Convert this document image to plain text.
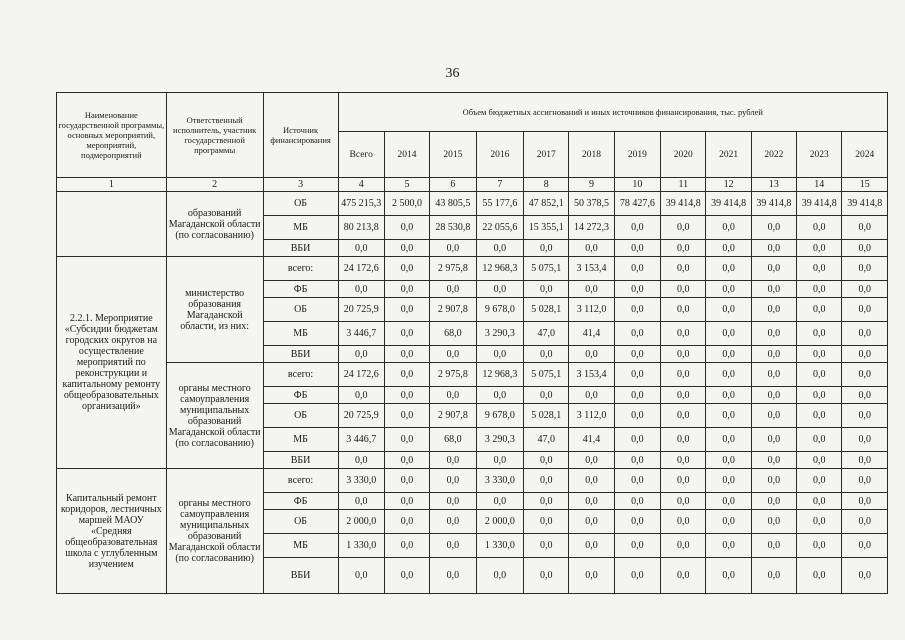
36
Наименование государственной программы, основных мероприятий, мероприятий, подмероприятий	Ответственный исполнитель, участник государственной программы	Источник финансирования	Объем бюджетных ассигнований и иных источников финансирования, тыс. рублей											
			Всего	2014	2015	2016	2017	2018	2019	2020	2021	2022	2023	2024
1	2	3	4	5	6	7	8	9	10	11	12	13	14	15
	образований Магаданской области (по согласованию)	ОБ	475 215,3	2 500,0	43 805,5	55 177,6	47 852,1	50 378,5	78 427,6	39 414,8	39 414,8	39 414,8	39 414,8	39 414,8
		МБ	80 213,8	0,0	28 530,8	22 055,6	15 355,1	14 272,3	0,0	0,0	0,0	0,0	0,0	0,0
		ВБИ	0,0	0,0	0,0	0,0	0,0	0,0	0,0	0,0	0,0	0,0	0,0	0,0
2.2.1. Мероприятие «Субсидии бюджетам городских округов на осуществление мероприятий по реконструкции и капитальному ремонту общеобразовательных организаций»	министерство образования Магаданской области, из них:	всего:	24 172,6	0,0	2 975,8	12 968,3	5 075,1	3 153,4	0,0	0,0	0,0	0,0	0,0	0,0
		ФБ	0,0	0,0	0,0	0,0	0,0	0,0	0,0	0,0	0,0	0,0	0,0	0,0
		ОБ	20 725,9	0,0	2 907,8	9 678,0	5 028,1	3 112,0	0,0	0,0	0,0	0,0	0,0	0,0
		МБ	3 446,7	0,0	68,0	3 290,3	47,0	41,4	0,0	0,0	0,0	0,0	0,0	0,0
		ВБИ	0,0	0,0	0,0	0,0	0,0	0,0	0,0	0,0	0,0	0,0	0,0	0,0
	органы местного самоуправления муниципальных образований Магаданской области (по согласованию)	всего:	24 172,6	0,0	2 975,8	12 968,3	5 075,1	3 153,4	0,0	0,0	0,0	0,0	0,0	0,0
		ФБ	0,0	0,0	0,0	0,0	0,0	0,0	0,0	0,0	0,0	0,0	0,0	0,0
		ОБ	20 725,9	0,0	2 907,8	9 678,0	5 028,1	3 112,0	0,0	0,0	0,0	0,0	0,0	0,0
		МБ	3 446,7	0,0	68,0	3 290,3	47,0	41,4	0,0	0,0	0,0	0,0	0,0	0,0
		ВБИ	0,0	0,0	0,0	0,0	0,0	0,0	0,0	0,0	0,0	0,0	0,0	0,0
Капитальный ремонт коридоров, лестничных маршей МАОУ «Средняя общеобразовательная школа с углубленным изучением	органы местного самоуправления муниципальных образований Магаданской области (по согласованию)	всего:	3 330,0	0,0	0,0	3 330,0	0,0	0,0	0,0	0,0	0,0	0,0	0,0	0,0
		ФБ	0,0	0,0	0,0	0,0	0,0	0,0	0,0	0,0	0,0	0,0	0,0	0,0
		ОБ	2 000,0	0,0	0,0	2 000,0	0,0	0,0	0,0	0,0	0,0	0,0	0,0	0,0
		МБ	1 330,0	0,0	0,0	1 330,0	0,0	0,0	0,0	0,0	0,0	0,0	0,0	0,0
		ВБИ	0,0	0,0	0,0	0,0	0,0	0,0	0,0	0,0	0,0	0,0	0,0	0,0
